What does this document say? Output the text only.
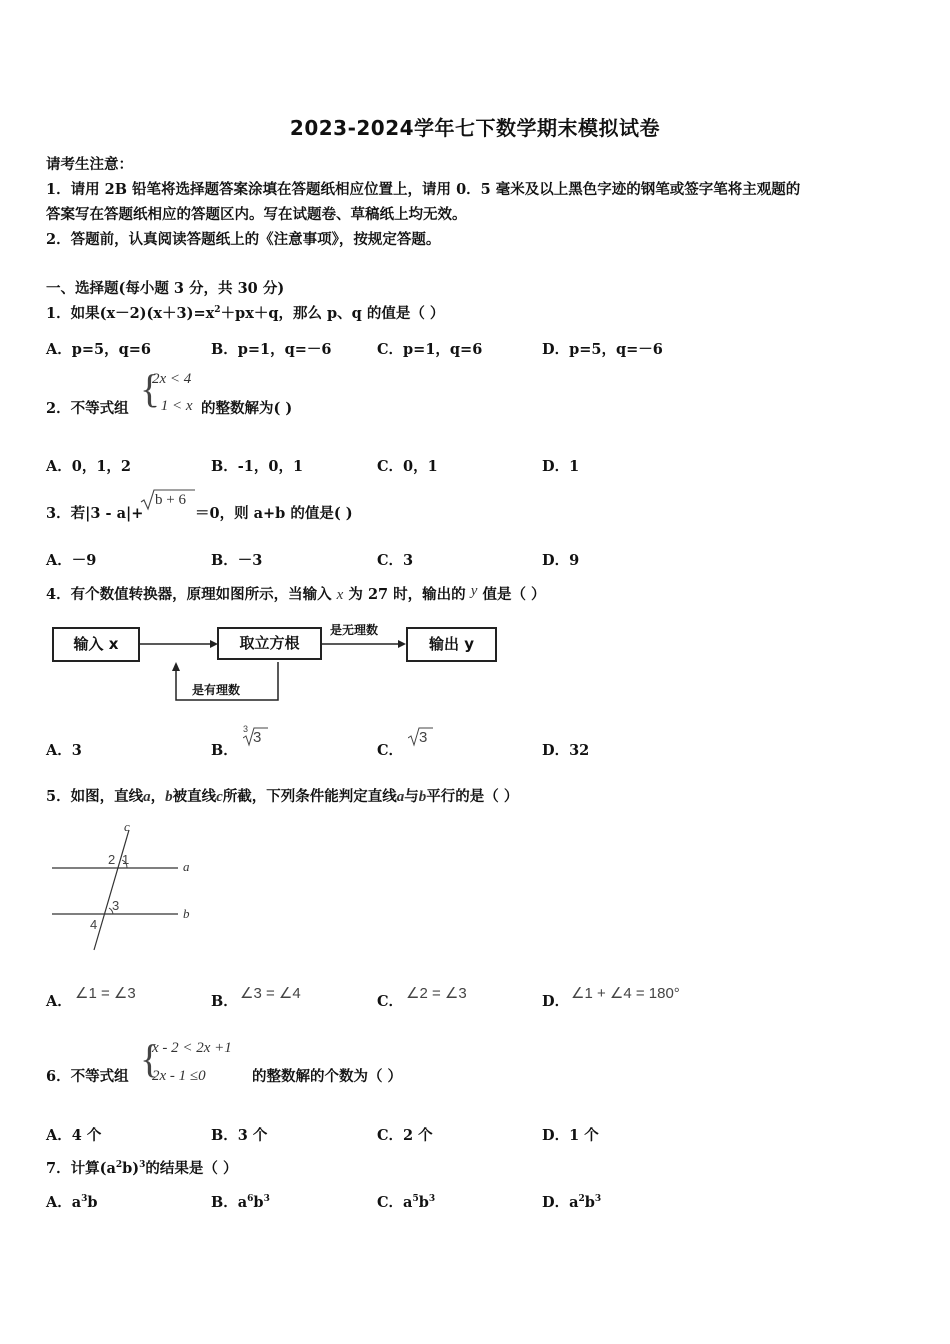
2023-2024学年七下数学期末模拟试卷
请考生注意：
1．请用 2B 铅笔将选择题答案涂填在答题纸相应位置上，请用 0．5 毫米及以上黑色字迹的钢笔或签字笔将主观题的
答案写在答题纸相应的答题区内。写在试题卷、草稿纸上均无效。
2．答题前，认真阅读答题纸上的《注意事项》，按规定答题。
一、选择题(每小题 3 分，共 30 分)
1．如果$(x-2)(x+3)=x^2+px+q$，那么 p、q 的值是（ ）
A．p=5，q=6	B．p=1，q=－6	C．p=1，q=6	D．p=5，q=－6
2．不等式组 {
2x < 4
- 1 < x 的整数解为( )
A．0，1，2	B．-1，0，1	C．0，1	D．1
3．若|3 - a|+
b + 6
＝0，则 a+b 的值是( )
A．－9	B．－3	C．3	D．9
4．有个数值转换器，原理如图所示，当输入 x 为 27 时，输出的 y 值是（ ）
输入 x	取立方根	输出 y
是无理数
是有理数
A．3	B．
3 3
C．
3
D．32
5．如图，直线a，b被直线c所截，下列条件能判定直线a与b平行的是（ ）
c
a
b
2 1
3
4
A． ∠1 = ∠3	B． ∠3 = ∠4	C． ∠2 = ∠3	D． ∠1 + ∠4 = 180°
6．不等式组 {
x - 2 < 2x +1
2x - 1 ≤0	的整数解的个数为（ ）
A．4 个	B．3 个	C．2 个	D．1 个
7．计算$(a^2b)^3$的结果是（ ）
A．$a^3b$	B．$a^6b^3$	C．$a^5b^3$	D．$a^2b^3$
